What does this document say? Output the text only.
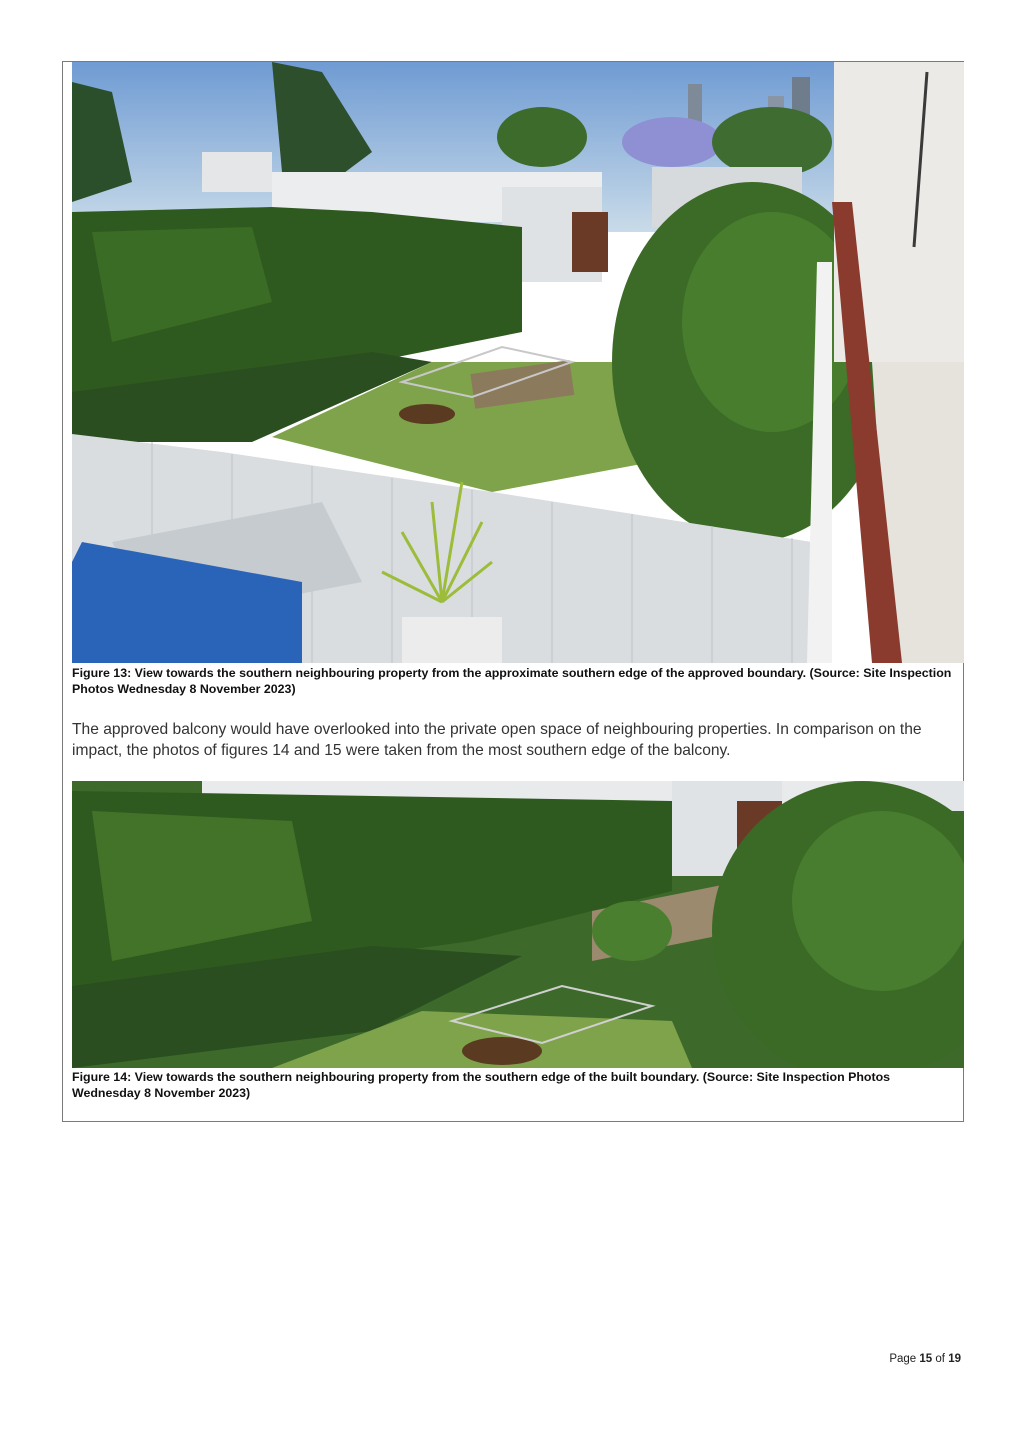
Figure 13: View towards the southern neighbouring property from the approximate southern edge of the approved boundary. (Source: Site Inspection Photos Wednesday 8 November 2023)
The approved balcony would have overlooked into the private open space of neighbouring properties. In comparison on the impact, the photos of figures 14 and 15 were taken from the most southern edge of the balcony.
Figure 14: View towards the southern neighbouring property from the southern edge of the built boundary. (Source: Site Inspection Photos Wednesday 8 November 2023)
Page 15 of 19
